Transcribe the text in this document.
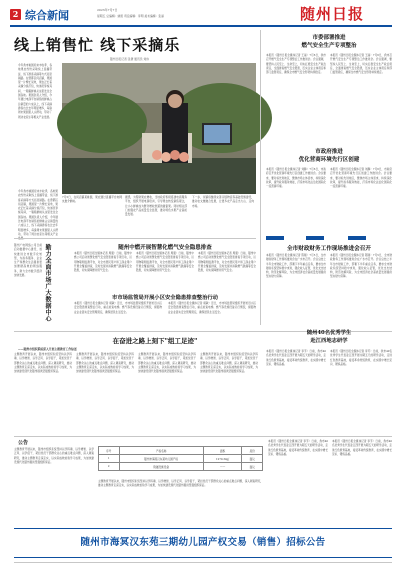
2 综合新闻	2023年7月7日
星期五 总编辑：姚毅 责任编辑：李明 美术编辑：张丽	随州日报
线上销售忙 线下采摘乐
随州日报记者 张捷 通讯员 刘伟
今年我市桃园迎来丰收季，各地果农纷纷采取线上直播带货、线下游客采摘等方式拓宽销路。在曾都区何店镇，果园里一片繁忙景象，果农正忙着采摘分拣打包，快递员穿梭其间，一箱箱鲜桃从这里发往全国各地。果园负责人介绍，今年通过电商平台销售的鲜桃占总销量的六成以上，线下采摘游客也比去年明显增多，每逢周末果园里人头攒动，带动了周边农家乐等相关产业发展。
7月5日，在何店镇某桃园，果农通过直播平台向网友推介鲜桃。
据悉，为帮助果农增收，当地政府积极搭建电商服务平台，组织开展电商培训，引导果农转变销售观念，让小小鲜桃成为群众增收致富的甜蜜果。同时相关部门加强农产品质量安全监管，推动特色水果产业高质量发展。
下一步，该镇将继续完善冷链物流等基础设施建设，推动农文旅融合发展，让更多农产品走出大山、走向市场。
今年我市桃园迎来丰收季，各地果农纷纷采取线上直播带货、线下游客采摘等方式拓宽销路。在曾都区何店镇，果园里一片繁忙景象，果农正忙着采摘分拣打包，快递员穿梭其间，一箱箱鲜桃从这里发往全国各地。果园负责人介绍，今年通过电商平台销售的鲜桃占总销量的六成以上，线下采摘游客也比去年明显增多，每逢周末果园里人头攒动，带动了周边农家乐等相关产业发展。
市委部署推进
燃气安全生产专项整治
本报讯（随州日报全媒体记者 王丽）7月6日，我市召开燃气安全生产专项整治工作推进会。会议强调，要坚持人民至上、生命至上，切实扛稳安全生产政治责任，全面排查燃气安全隐患，压实企业主体责任和部门监管责任，确保全市燃气安全形势持续稳定。
本报讯（随州日报全媒体记者 王丽）7月6日，我市召开燃气安全生产专项整治工作推进会。会议强调，要坚持人民至上、生命至上，切实扛稳安全生产政治责任，全面排查燃气安全隐患，压实企业主体责任和部门监管责任，确保全市燃气安全形势持续稳定。
市政府推进
优化营商环境先行区创建
本报讯（随州日报全媒体记者 刘静）7月6日，市政府召开优化营商环境先行区创建工作推进会。会议要求，要对标先进地区，聚焦市场主体需求，持续深化改革，提升政务服务效能，打造市场化法治化国际化一流营商环境。
本报讯（随州日报全媒体记者 刘静）7月6日，市政府召开优化营商环境先行区创建工作推进会。会议要求，要对标先进地区，聚焦市场主体需求，持续深化改革，提升政务服务效能，打造市场化法治化国际化一流营商环境。
全市财政财务工作现场推进会召开
本报讯（随州日报全媒体记者 陈刚）7月5日，全市财政财务工作现场推进会在广水市召开。会议总结上半年全市财政工作，部署下半年重点任务，要求全市财政系统坚持稳中求进，强化收入征管，优化支出结构，防范化解风险，为全市经济社会高质量发展提供坚实财力保障。
本报讯（随州日报全媒体记者 陈刚）7月5日，全市财政财务工作现场推进会在广水市召开。会议总结上半年全市财政工作，部署下半年重点任务，要求全市财政系统坚持稳中求进，强化收入征管，优化支出结构，防范化解风险，为全市经济社会高质量发展提供坚实财力保障。
勤力全面市场广大数据中心
随州广电网络公司日前启动数据中心建设，加快推进全市数字化转型，为政务服务、企业生产和群众生活提供更加便捷高效的网络服务，助力全市数字经济加快发展。
随州中燃开展智慧化燃气安全隐患排查
本报讯（随州日报全媒体记者 周强）日前，随州中燃公司启动智慧化燃气安全隐患排查专项行动，运用物联网监测平台，对全市居民用户和工商业用户开展全覆盖排查，及时发现并消除燃气泄漏等安全隐患，切实保障群众用气安全。
本报讯（随州日报全媒体记者 周强）日前，随州中燃公司启动智慧化燃气安全隐患排查专项行动，运用物联网监测平台，对全市居民用户和工商业用户开展全覆盖排查，及时发现并消除燃气泄漏等安全隐患，切实保障群众用气安全。
本报讯（随州日报全媒体记者 周强）日前，随州中燃公司启动智慧化燃气安全隐患排查专项行动，运用物联网监测平台，对全市居民用户和工商业用户开展全覆盖排查，及时发现并消除燃气泄漏等安全隐患，切实保障群众用气安全。
市市场监管局开展小区安全隐患排查整治行动
本报讯（随州日报全媒体记者 胡敏）近日，市市场监管局组织开展老旧小区安全隐患排查整治行动，重点检查电梯、燃气等设施设备运行情况，督促物业企业落实安全管理责任，确保居民生活安全。
本报讯（随州日报全媒体记者 胡敏）近日，市市场监管局组织开展老旧小区安全隐患排查整治行动，重点检查电梯、燃气等设施设备运行情况，督促物业企业落实安全管理责任，确保居民生活安全。
随州40名优秀学生
赴江西地志研学
本报讯（随州日报全媒体记者 李芳）日前，我市40名优秀学生代表赴江西开展为期五天的研学活动，走进红色教育基地，接受革命传统教育，在实践中增长见识、锤炼品格。
本报讯（随州日报全媒体记者 李芳）日前，我市40名优秀学生代表赴江西开展为期五天的研学活动，走进红色教育基地，接受革命传统教育，在实践中增长见识、锤炼品格。
在奋进之路上刻下"组工足迹"
——随州市组织系统深入开展主题教育工作综述
主题教育开展以来，随州市组织系统坚持以学铸魂、以学增智、以学正风、以学促干，紧扣党员干部群众关心的重点难点问题，深入调查研究，推动主题教育走深走实，以实际成效检验学习成果，为加快建设现代化随州提供坚强组织保证。
主题教育开展以来，随州市组织系统坚持以学铸魂、以学增智、以学正风、以学促干，紧扣党员干部群众关心的重点难点问题，深入调查研究，推动主题教育走深走实，以实际成效检验学习成果，为加快建设现代化随州提供坚强组织保证。
主题教育开展以来，随州市组织系统坚持以学铸魂、以学增智、以学正风、以学促干，紧扣党员干部群众关心的重点难点问题，深入调查研究，推动主题教育走深走实，以实际成效检验学习成果，为加快建设现代化随州提供坚强组织保证。
主题教育开展以来，随州市组织系统坚持以学铸魂、以学增智、以学正风、以学促干，紧扣党员干部群众关心的重点难点问题，深入调查研究，推动主题教育走深走实，以实际成效检验学习成果，为加快建设现代化随州提供坚强组织保证。
公告
主题教育开展以来，随州市组织系统坚持以学铸魂、以学增智、以学正风、以学促干，紧扣党员干部群众关心的重点难点问题，深入调查研究，推动主题教育走深走实，以实际成效检验学习成果，为加快建设现代化随州提供坚强组织保证。
序号	产权名称	面积	底价
1	随州市海冥汉东某幼儿园产权	1270.34㎡	面议
2	附属设施设备	——	面议
主题教育开展以来，随州市组织系统坚持以学铸魂、以学增智、以学正风、以学促干，紧扣党员干部群众关心的重点难点问题，深入调查研究，推动主题教育走深走实，以实际成效检验学习成果，为加快建设现代化随州提供坚强组织保证。
本报讯（随州日报全媒体记者 李芳）日前，我市40名优秀学生代表赴江西开展为期五天的研学活动，走进红色教育基地，接受革命传统教育，在实践中增长见识、锤炼品格。
本报讯（随州日报全媒体记者 李芳）日前，我市40名优秀学生代表赴江西开展为期五天的研学活动，走进红色教育基地，接受革命传统教育，在实践中增长见识、锤炼品格。
随州市海冥汉东苑三期幼儿园产权交易（销售）招标公告
